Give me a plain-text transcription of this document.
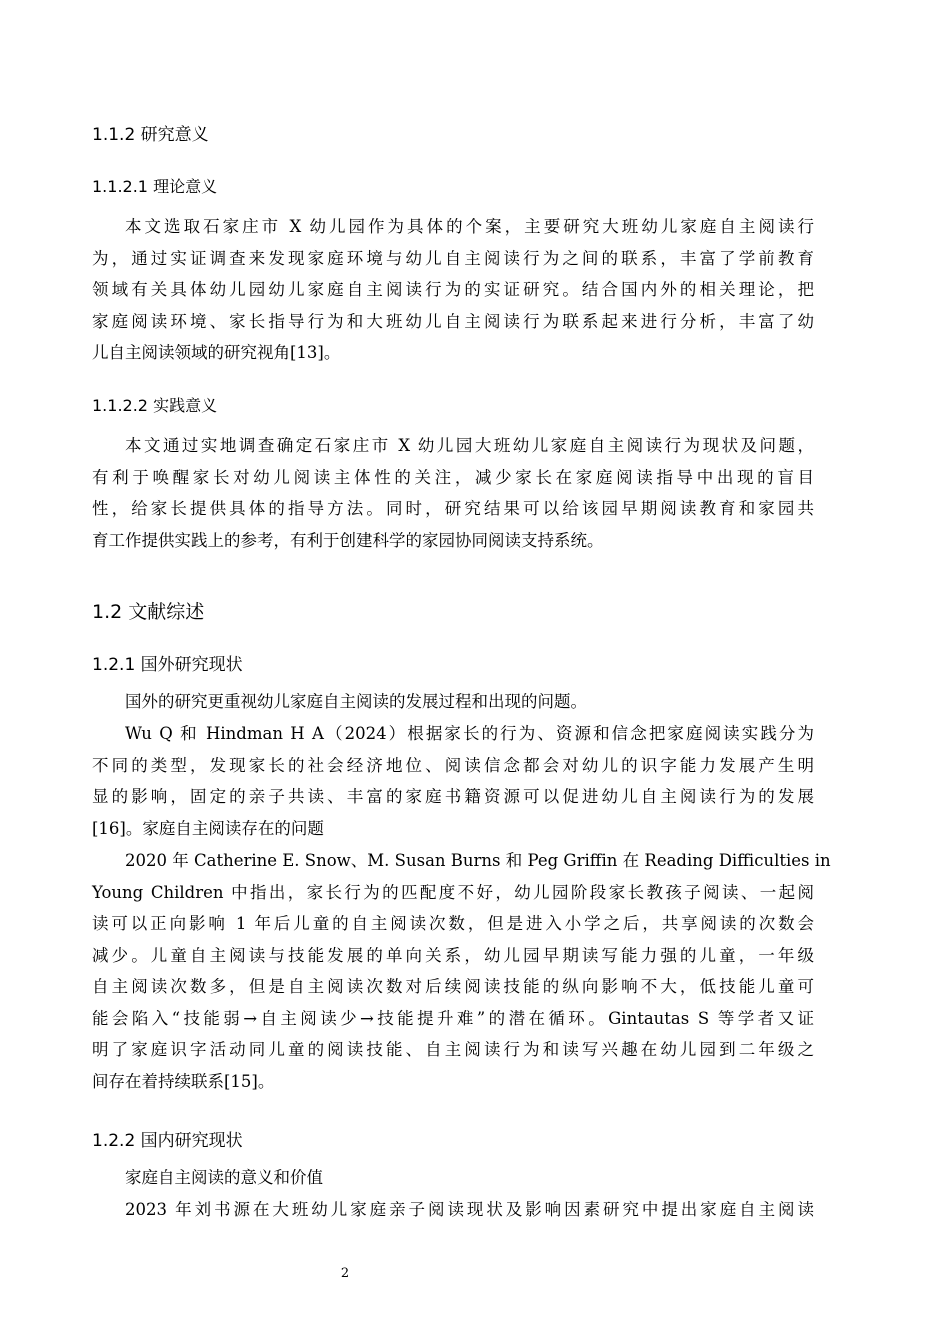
1.1.2 研究意义
1.1.2.1 理论意义
本文选取石家庄市 X 幼儿园作为具体的个案，主要研究大班幼儿家庭自主阅读行
为，通过实证调查来发现家庭环境与幼儿自主阅读行为之间的联系，丰富了学前教育
领域有关具体幼儿园幼儿家庭自主阅读行为的实证研究。结合国内外的相关理论，把
家庭阅读环境、家长指导行为和大班幼儿自主阅读行为联系起来进行分析，丰富了幼
儿自主阅读领域的研究视角[13]。
1.1.2.2 实践意义
本文通过实地调查确定石家庄市 X 幼儿园大班幼儿家庭自主阅读行为现状及问题，
有利于唤醒家长对幼儿阅读主体性的关注，减少家长在家庭阅读指导中出现的盲目
性，给家长提供具体的指导方法。同时，研究结果可以给该园早期阅读教育和家园共
育工作提供实践上的参考，有利于创建科学的家园协同阅读支持系统。
1.2 文献综述
1.2.1 国外研究现状
国外的研究更重视幼儿家庭自主阅读的发展过程和出现的问题。
Wu Q 和 Hindman H A（2024）根据家长的行为、资源和信念把家庭阅读实践分为
不同的类型，发现家长的社会经济地位、阅读信念都会对幼儿的识字能力发展产生明
显的影响，固定的亲子共读、丰富的家庭书籍资源可以促进幼儿自主阅读行为的发展
[16]。家庭自主阅读存在的问题
2020 年 Catherine E. Snow、M. Susan Burns 和 Peg Griffin 在 Reading Difficulties in
Young Children 中指出，家长行为的匹配度不好，幼儿园阶段家长教孩子阅读、一起阅
读可以正向影响 1 年后儿童的自主阅读次数，但是进入小学之后，共享阅读的次数会
减少。儿童自主阅读与技能发展的单向关系，幼儿园早期读写能力强的儿童，一年级
自主阅读次数多，但是自主阅读次数对后续阅读技能的纵向影响不大，低技能儿童可
能会陷入“技能弱→自主阅读少→技能提升难”的潜在循环。Gintautas S 等学者又证
明了家庭识字活动同儿童的阅读技能、自主阅读行为和读写兴趣在幼儿园到二年级之
间存在着持续联系[15]。
1.2.2 国内研究现状
家庭自主阅读的意义和价值
2023 年刘书源在大班幼儿家庭亲子阅读现状及影响因素研究中提出家庭自主阅读
2
